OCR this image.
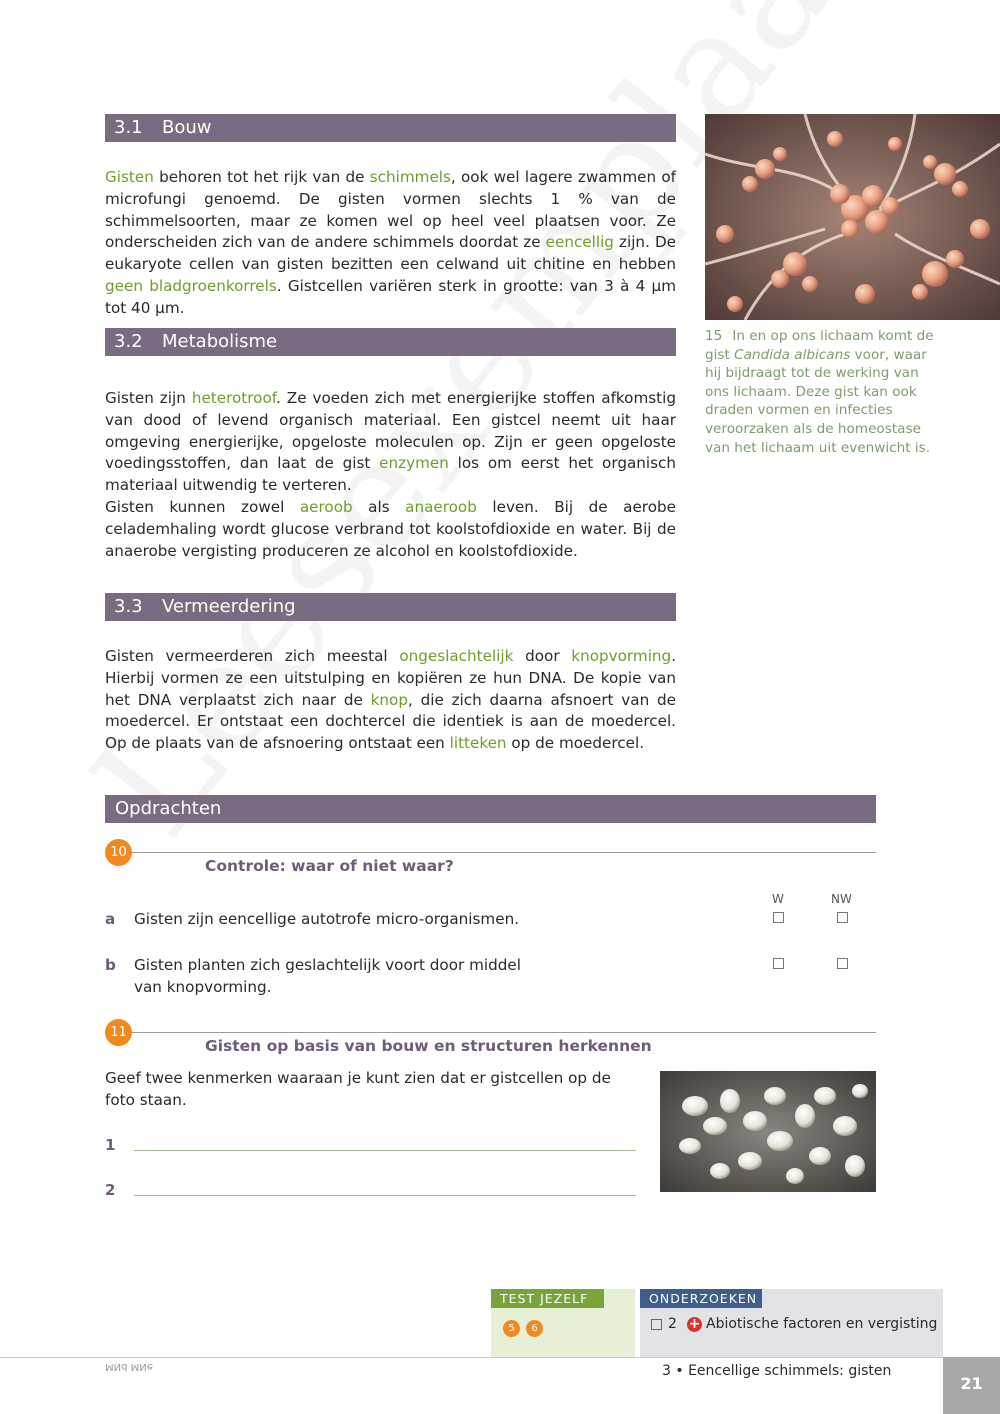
3.1 Bouw

Gisten behoren tot het rijk van de schimmels, ook wel lagere zwammen of microfungi genoemd. De gisten vormen slechts 1 % van de schimmelsoorten, maar ze komen wel op heel veel plaatsen voor. Ze onderscheiden zich van de andere schimmels doordat ze eencellig zijn. De eukaryote cellen van gisten bezitten een celwand uit chitine en hebben geen bladgroenkorrels. Gistcellen variëren sterk in grootte: van 3 à 4 µm tot 40 µm.

3.2 Metabolisme

Gisten zijn heterotroof. Ze voeden zich met energierijke stoffen afkomstig van dood of levend organisch materiaal. Een gistcel neemt uit haar omgeving energierijke, opgeloste moleculen op. Zijn er geen opgeloste voedingsstoffen, dan laat de gist enzymen los om eerst het organisch materiaal uitwendig te verteren.

Gisten kunnen zowel aeroob als anaeroob leven. Bij de aerobe celademhaling wordt glucose verbrand tot koolstofdioxide en water. Bij de anaerobe vergisting produceren ze alcohol en koolstofdioxide.

3.3 Vermeerdering

Gisten vermeerderen zich meestal ongeslachtelijk door knopvorming. Hierbij vormen ze een uitstulping en kopiëren ze hun DNA. De kopie van het DNA verplaatst zich naar de knop, die zich daarna afsnoert van de moedercel. Er ontstaat een dochtercel die identiek is aan de moedercel. Op de plaats van de afsnoering ontstaat een litteken op de moedercel.

15 In en op ons lichaam komt de gist Candida albicans voor, waar hij bijdraagt tot de werking van ons lichaam. Deze gist kan ook draden vormen en infecties veroorzaken als de homeostase van het lichaam uit evenwicht is.
Opdrachten
10
Controle: waar of niet waar?
W	NW
a Gisten zijn eencellige autotrofe micro-organismen.
b Gisten planten zich geslachtelijk voort door middel van knopvorming.
11
Gisten op basis van bouw en structuren herkennen
Geef twee kenmerken waaraan je kunt zien dat er gistcellen op de foto staan.
1
2
TEST JEZELF
5	6
ONDERZOEKEN
2 + Abiotische factoren en vergisting
MNd MNe	3 • Eencellige schimmels: gisten
21
